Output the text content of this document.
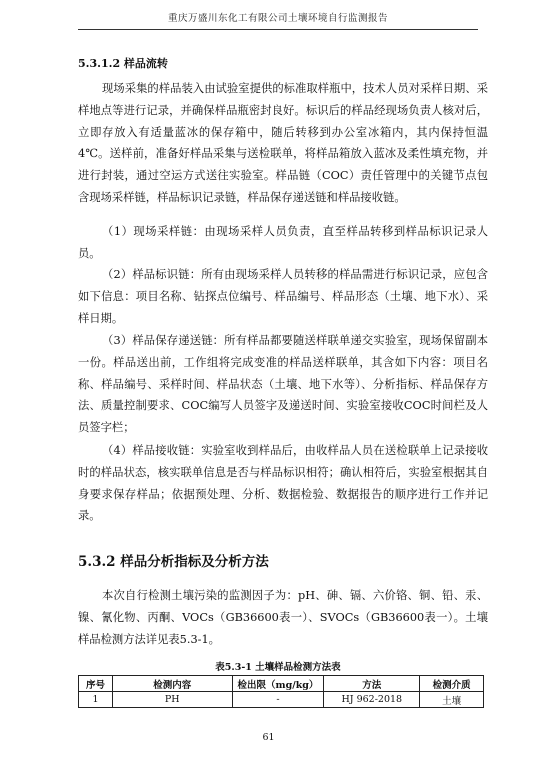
重庆万盛川东化工有限公司土壤环境自行监测报告
5.3.1.2 样品流转

现场采集的样品装入由试验室提供的标准取样瓶中，技术人员对采样日期、采样地点等进行记录，并确保样品瓶密封良好。标识后的样品经现场负责人核对后，立即存放入有适量蓝冰的保存箱中，随后转移到办公室冰箱内，其内保持恒温4℃。送样前，准备好样品采集与送检联单，将样品箱放入蓝冰及柔性填充物，并进行封装，通过空运方式送往实验室。样品链（COC）责任管理中的关键节点包含现场采样链，样品标识记录链，样品保存递送链和样品接收链。

（1）现场采样链：由现场采样人员负责，直至样品转移到样品标识记录人员。

（2）样品标识链：所有由现场采样人员转移的样品需进行标识记录，应包含如下信息：项目名称、钻探点位编号、样品编号、样品形态（土壤、地下水）、采样日期。

（3）样品保存递送链：所有样品都要随送样联单递交实验室，现场保留副本一份。样品送出前，工作组将完成变准的样品送样联单，其含如下内容：项目名称、样品编号、采样时间、样品状态（土壤、地下水等）、分析指标、样品保存方法、质量控制要求、COC编写人员签字及递送时间、实验室接收COC时间栏及人员签字栏；

（4）样品接收链：实验室收到样品后，由收样品人员在送检联单上记录接收时的样品状态，核实联单信息是否与样品标识相符；确认相符后，实验室根据其自身要求保存样品；依据预处理、分析、数据检验、数据报告的顺序进行工作并记录。

5.3.2 样品分析指标及分析方法

本次自行检测土壤污染的监测因子为：pH、砷、镉、六价铬、铜、铅、汞、镍、氰化物、丙酮、VOCs（GB36600表一）、SVOCs（GB36600表一）。土壤样品检测方法详见表5.3-1。

表5.3-1 土壤样品检测方法表
序号	检测内容	检出限（mg/kg）	方法	检测介质
1	PH	-	HJ 962-2018	土壤
61
